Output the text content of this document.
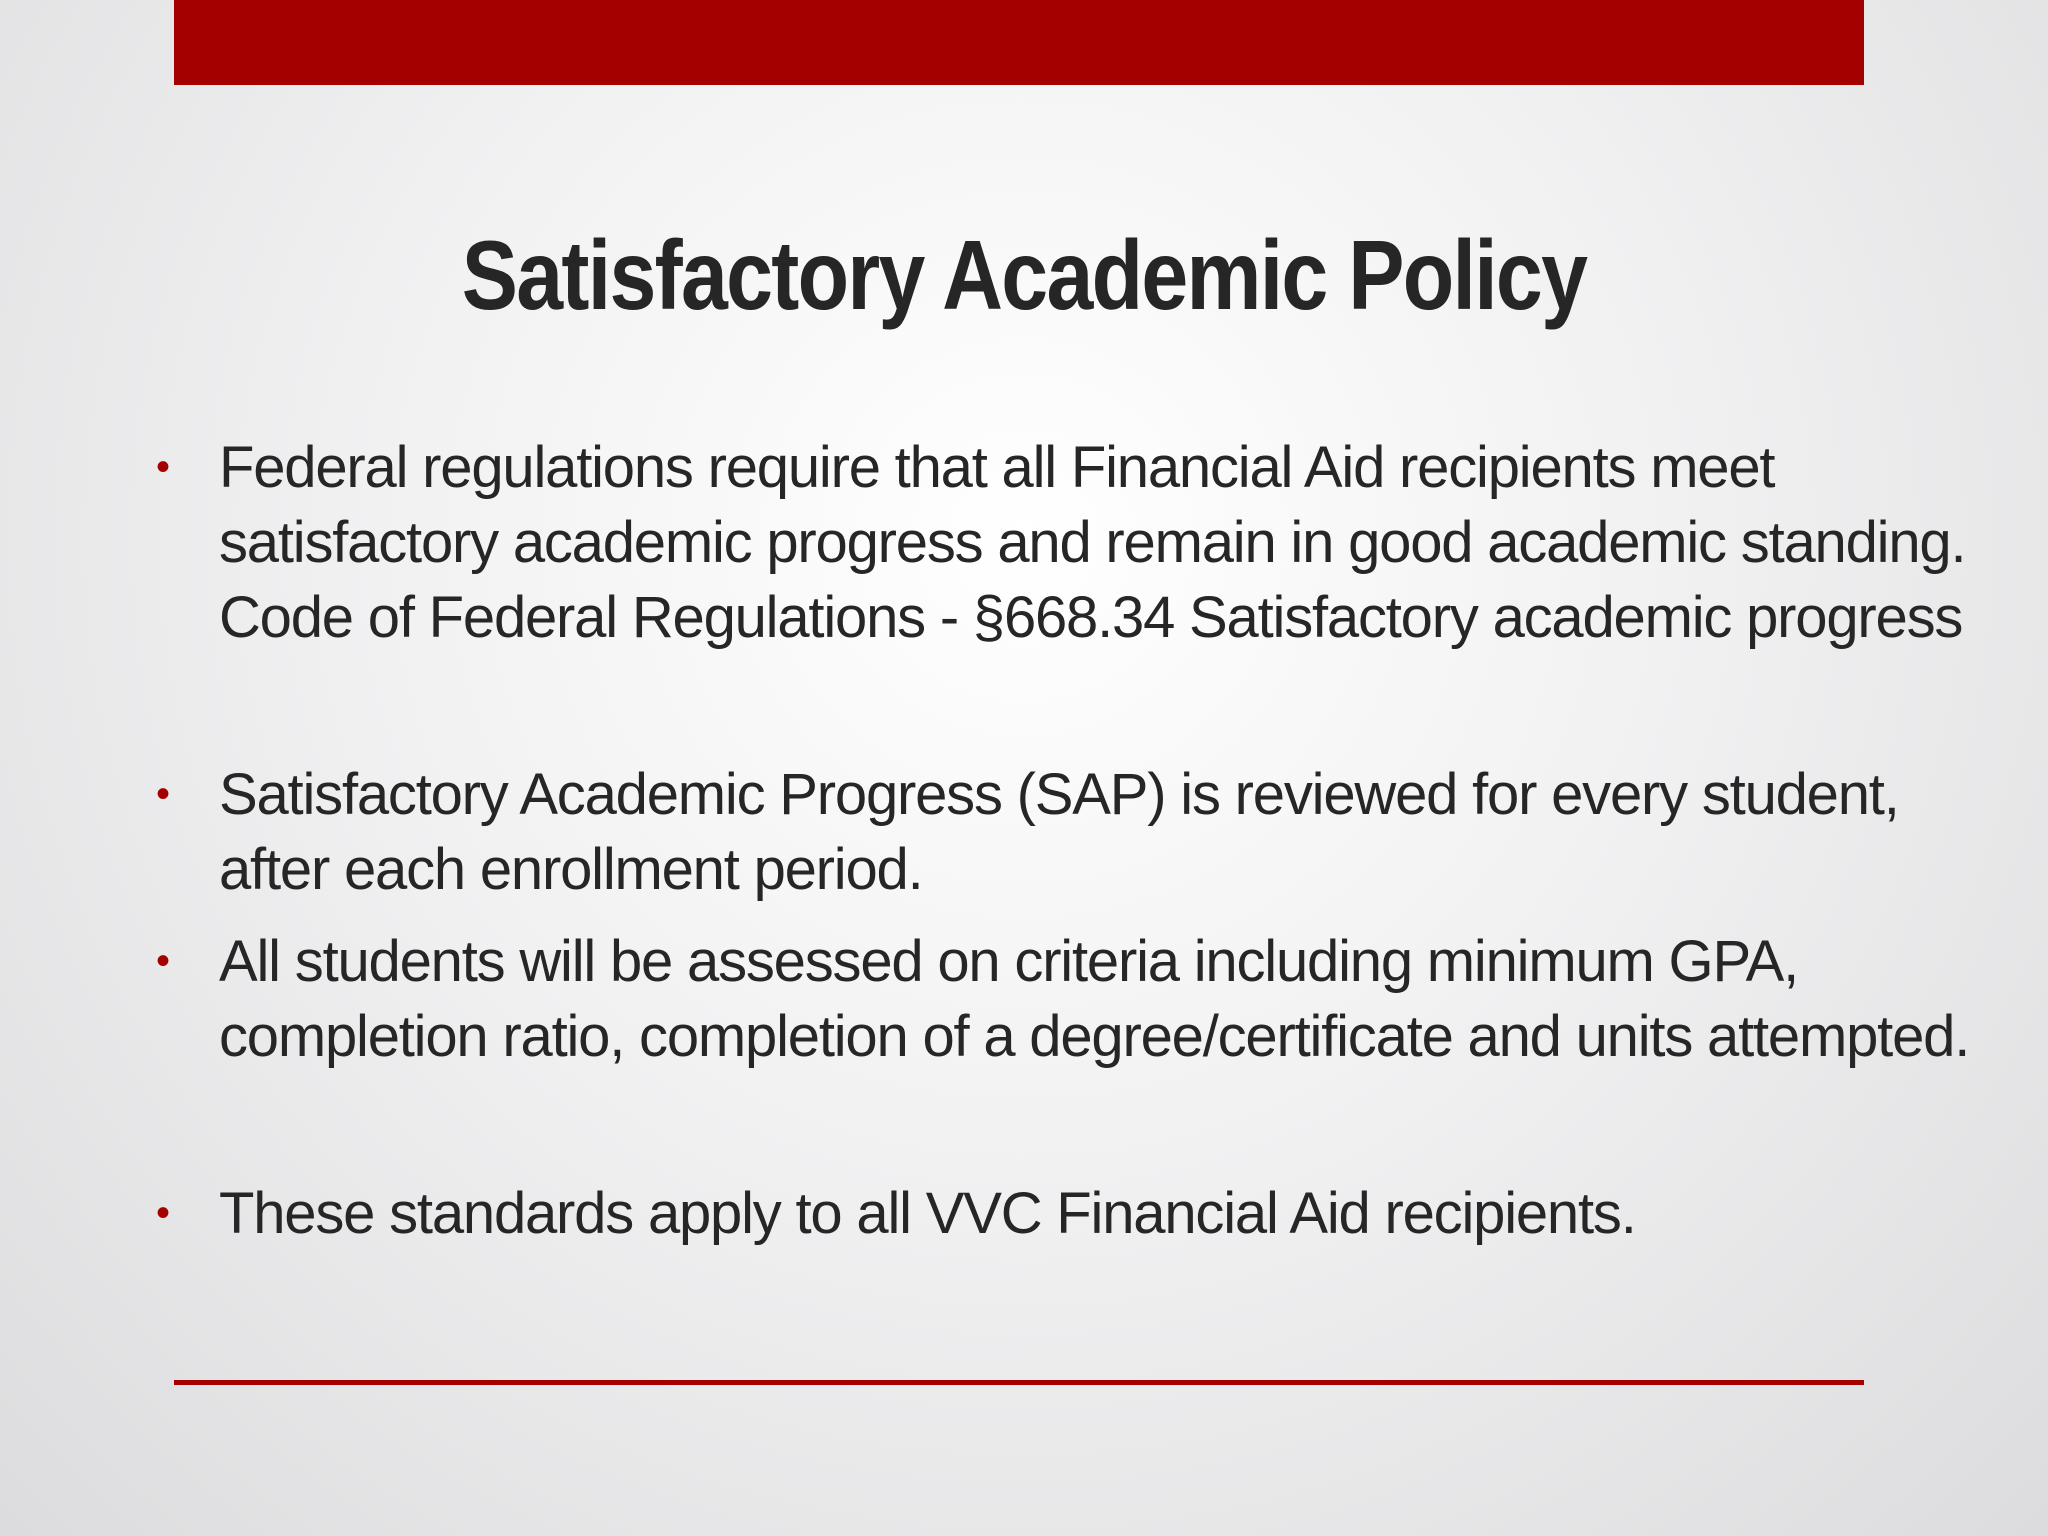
Satisfactory Academic Policy
• Federal regulations require that all Financial Aid recipients meet
satisfactory academic progress and remain in good academic standing.
Code of Federal Regulations - §668.34 Satisfactory academic progress
• Satisfactory Academic Progress (SAP) is reviewed for every student,
after each enrollment period.
• All students will be assessed on criteria including minimum GPA,
completion ratio, completion of a degree/certificate and units attempted.
• These standards apply to all VVC Financial Aid recipients.
